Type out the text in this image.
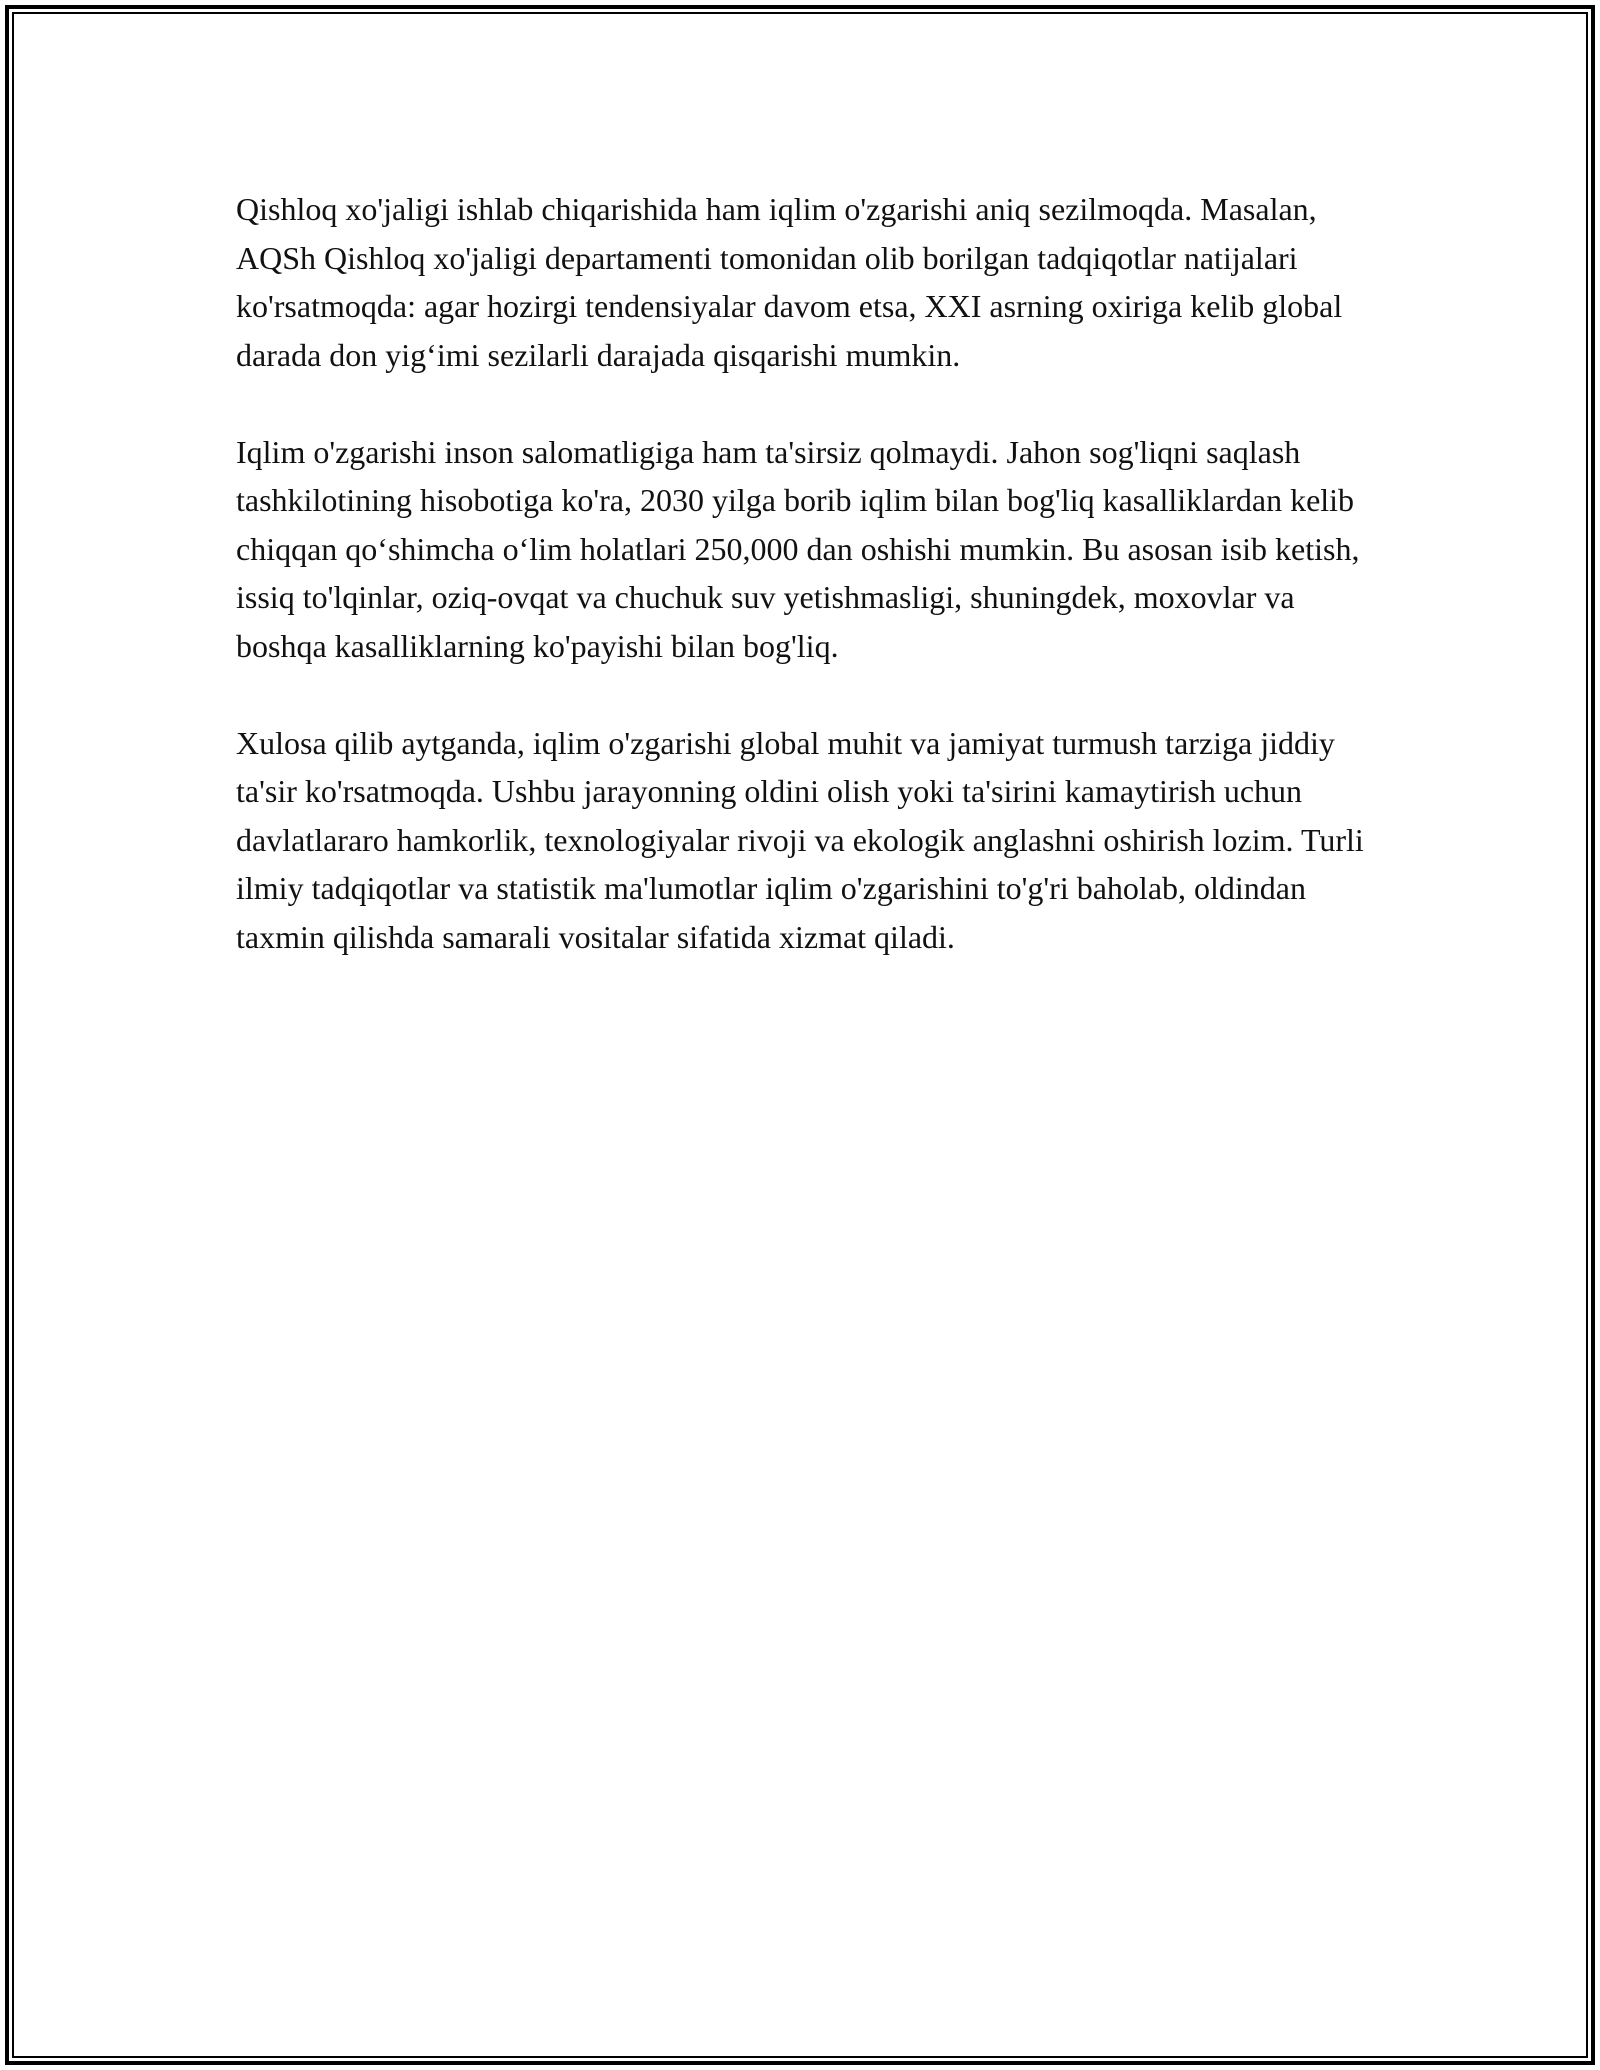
Qishloq xo'jaligi ishlab chiqarishida ham iqlim o'zgarishi aniq sezilmoqda. Masalan, AQSh Qishloq xo'jaligi departamenti tomonidan olib borilgan tadqiqotlar natijalari ko'rsatmoqda: agar hozirgi tendensiyalar davom etsa, XXI asrning oxiriga kelib global darada don yig‘imi sezilarli darajada qisqarishi mumkin.

Iqlim o'zgarishi inson salomatligiga ham ta'sirsiz qolmaydi. Jahon sog'liqni saqlash tashkilotining hisobotiga ko'ra, 2030 yilga borib iqlim bilan bog'liq kasalliklardan kelib chiqqan qo‘shimcha o‘lim holatlari 250,000 dan oshishi mumkin. Bu asosan isib ketish, issiq to'lqinlar, oziq-ovqat va chuchuk suv yetishmasligi, shuningdek, moxovlar va boshqa kasalliklarning ko'payishi bilan bog'liq.

Xulosa qilib aytganda, iqlim o'zgarishi global muhit va jamiyat turmush tarziga jiddiy ta'sir ko'rsatmoqda. Ushbu jarayonning oldini olish yoki ta'sirini kamaytirish uchun davlatlararo hamkorlik, texnologiyalar rivoji va ekologik anglashni oshirish lozim. Turli ilmiy tadqiqotlar va statistik ma'lumotlar iqlim o'zgarishini to'g'ri baholab, oldindan taxmin qilishda samarali vositalar sifatida xizmat qiladi.
